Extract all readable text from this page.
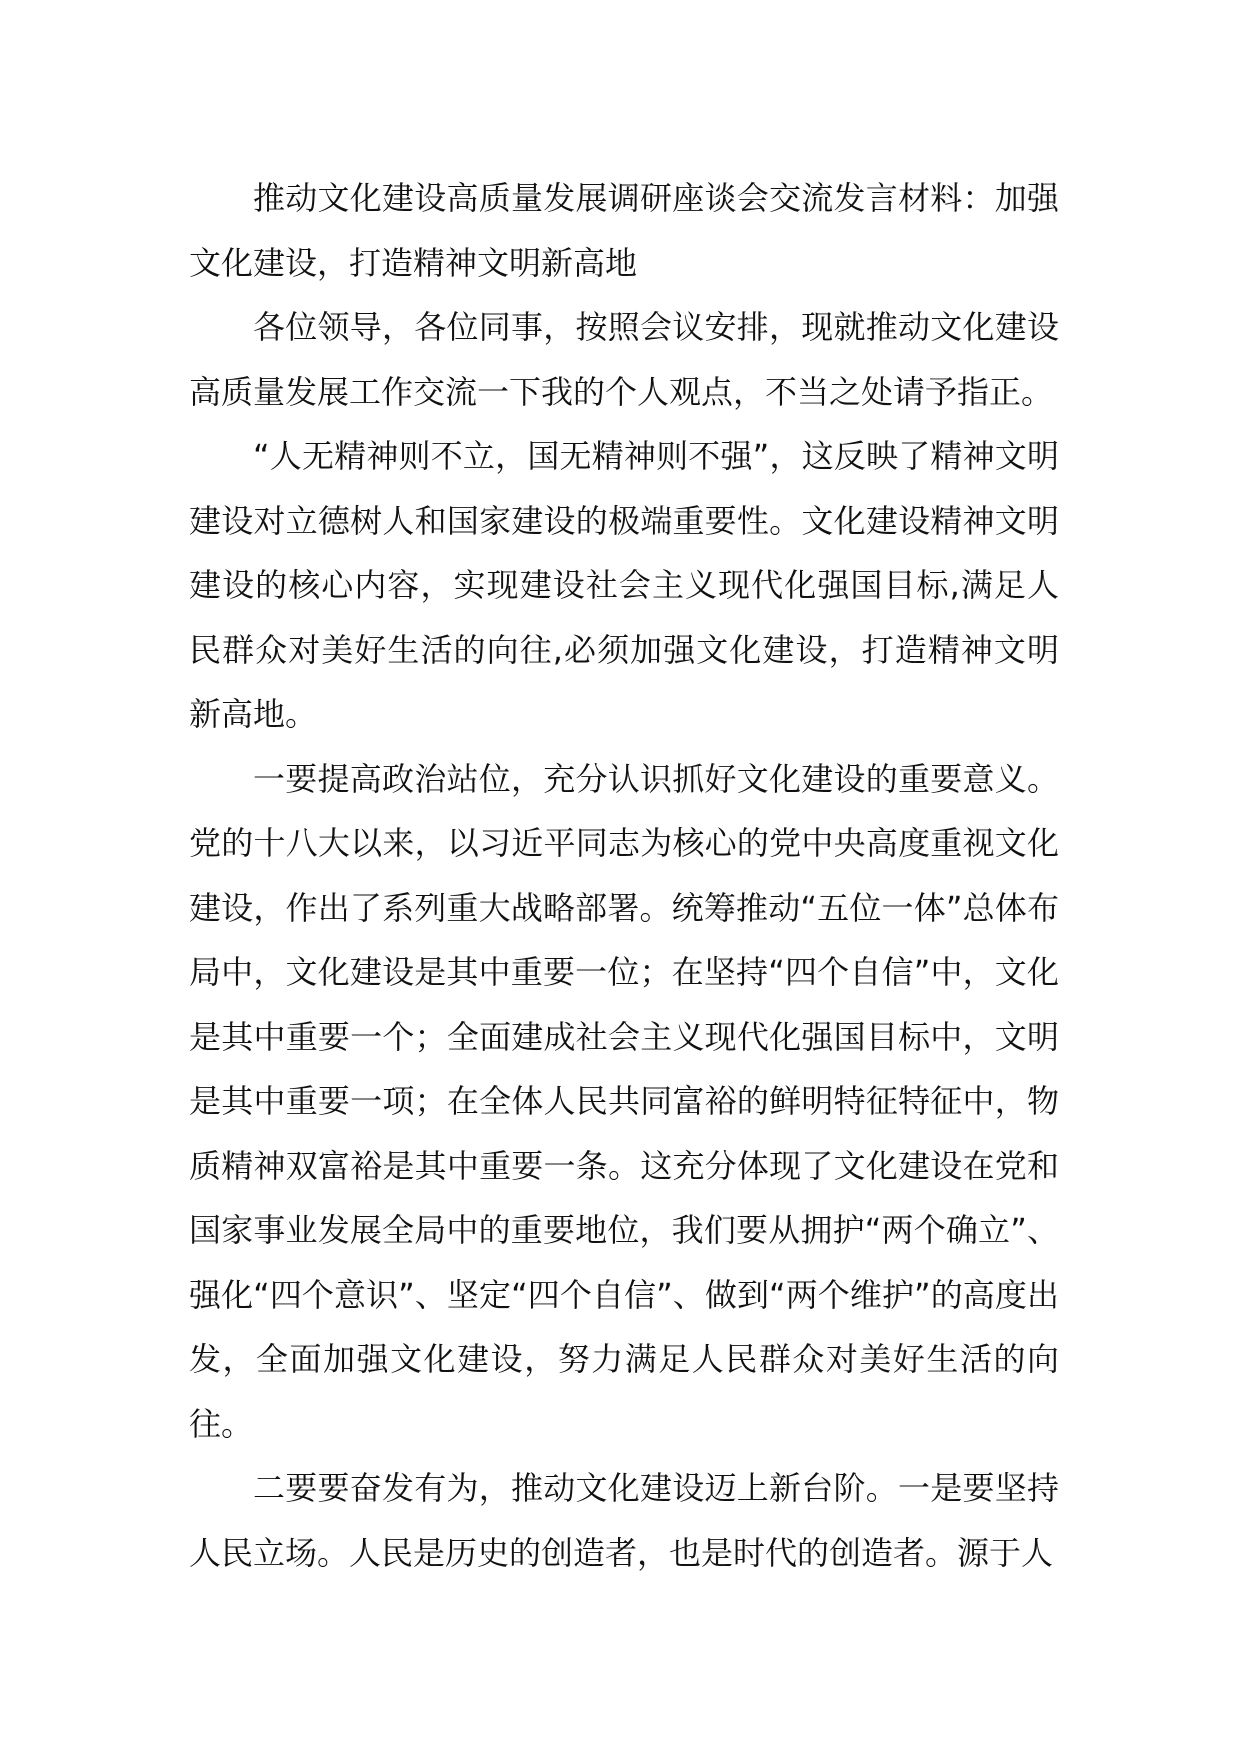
推动文化建设高质量发展调研座谈会交流发言材料：加强文化建设，打造精神文明新高地

各位领导，各位同事，按照会议安排，现就推动文化建设高质量发展工作交流一下我的个人观点，不当之处请予指正。

“人无精神则不立，国无精神则不强”，这反映了精神文明建设对立德树人和国家建设的极端重要性。文化建设精神文明建设的核心内容，实现建设社会主义现代化强国目标,满足人民群众对美好生活的向往,必须加强文化建设，打造精神文明新高地。

一要提高政治站位，充分认识抓好文化建设的重要意义。党的十八大以来，以习近平同志为核心的党中央高度重视文化建设，作出了系列重大战略部署。统筹推动“五位一体”总体布局中，文化建设是其中重要一位；在坚持“四个自信”中，文化是其中重要一个；全面建成社会主义现代化强国目标中，文明是其中重要一项；在全体人民共同富裕的鲜明特征特征中，物质精神双富裕是其中重要一条。这充分体现了文化建设在党和国家事业发展全局中的重要地位，我们要从拥护“两个确立”、强化“四个意识”、坚定“四个自信”、做到“两个维护”的高度出发，全面加强文化建设，努力满足人民群众对美好生活的向往。

二要要奋发有为，推动文化建设迈上新台阶。一是要坚持人民立场。人民是历史的创造者，也是时代的创造者。源于人
